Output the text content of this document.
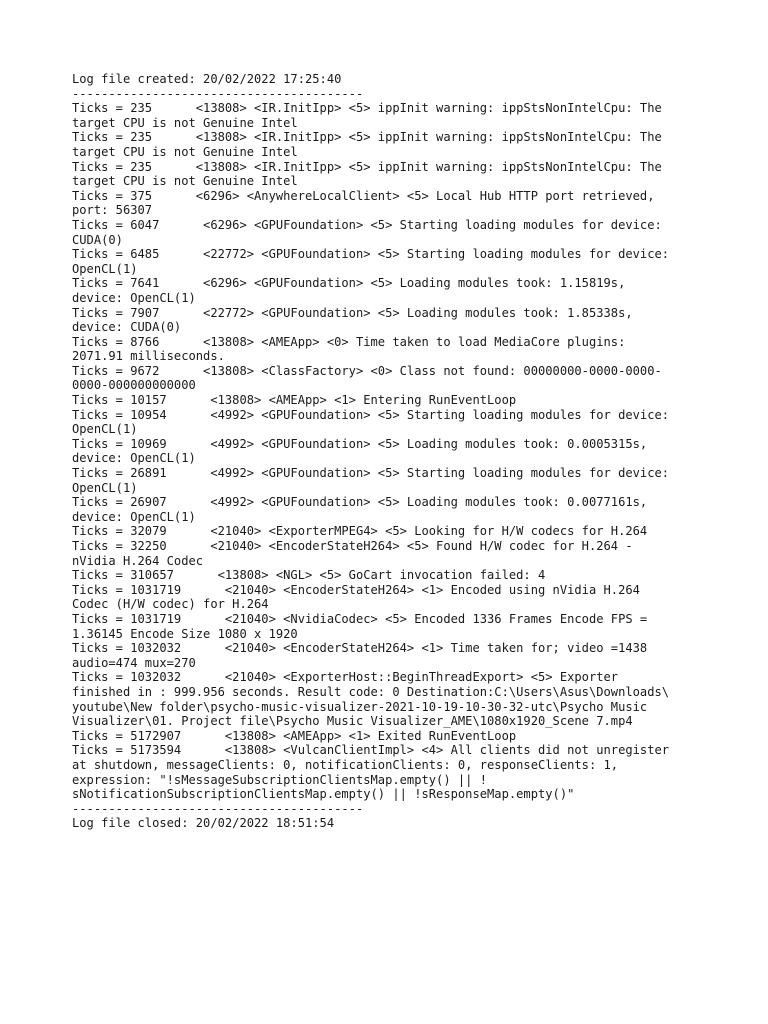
Log file created: 20/02/2022 17:25:40
----------------------------------------
Ticks = 235      <13808> <IR.InitIpp> <5> ippInit warning: ippStsNonIntelCpu: The
target CPU is not Genuine Intel
Ticks = 235      <13808> <IR.InitIpp> <5> ippInit warning: ippStsNonIntelCpu: The
target CPU is not Genuine Intel
Ticks = 235      <13808> <IR.InitIpp> <5> ippInit warning: ippStsNonIntelCpu: The
target CPU is not Genuine Intel
Ticks = 375      <6296> <AnywhereLocalClient> <5> Local Hub HTTP port retrieved,
port: 56307
Ticks = 6047      <6296> <GPUFoundation> <5> Starting loading modules for device:
CUDA(0)
Ticks = 6485      <22772> <GPUFoundation> <5> Starting loading modules for device:
OpenCL(1)
Ticks = 7641      <6296> <GPUFoundation> <5> Loading modules took: 1.15819s,
device: OpenCL(1)
Ticks = 7907      <22772> <GPUFoundation> <5> Loading modules took: 1.85338s,
device: CUDA(0)
Ticks = 8766      <13808> <AMEApp> <0> Time taken to load MediaCore plugins:
2071.91 milliseconds.
Ticks = 9672      <13808> <ClassFactory> <0> Class not found: 00000000-0000-0000-
0000-000000000000
Ticks = 10157      <13808> <AMEApp> <1> Entering RunEventLoop
Ticks = 10954      <4992> <GPUFoundation> <5> Starting loading modules for device:
OpenCL(1)
Ticks = 10969      <4992> <GPUFoundation> <5> Loading modules took: 0.0005315s,
device: OpenCL(1)
Ticks = 26891      <4992> <GPUFoundation> <5> Starting loading modules for device:
OpenCL(1)
Ticks = 26907      <4992> <GPUFoundation> <5> Loading modules took: 0.0077161s,
device: OpenCL(1)
Ticks = 32079      <21040> <ExporterMPEG4> <5> Looking for H/W codecs for H.264
Ticks = 32250      <21040> <EncoderStateH264> <5> Found H/W codec for H.264 -
nVidia H.264 Codec
Ticks = 310657      <13808> <NGL> <5> GoCart invocation failed: 4
Ticks = 1031719      <21040> <EncoderStateH264> <1> Encoded using nVidia H.264
Codec (H/W codec) for H.264
Ticks = 1031719      <21040> <NvidiaCodec> <5> Encoded 1336 Frames Encode FPS =
1.36145 Encode Size 1080 x 1920
Ticks = 1032032      <21040> <EncoderStateH264> <1> Time taken for; video =1438
audio=474 mux=270
Ticks = 1032032      <21040> <ExporterHost::BeginThreadExport> <5> Exporter
finished in : 999.956 seconds. Result code: 0 Destination:C:\Users\Asus\Downloads\
youtube\New folder\psycho-music-visualizer-2021-10-19-10-30-32-utc\Psycho Music
Visualizer\01. Project file\Psycho Music Visualizer_AME\1080x1920_Scene 7.mp4
Ticks = 5172907      <13808> <AMEApp> <1> Exited RunEventLoop
Ticks = 5173594      <13808> <VulcanClientImpl> <4> All clients did not unregister
at shutdown, messageClients: 0, notificationClients: 0, responseClients: 1,
expression: "!sMessageSubscriptionClientsMap.empty() || !
sNotificationSubscriptionClientsMap.empty() || !sResponseMap.empty()"
----------------------------------------
Log file closed: 20/02/2022 18:51:54
